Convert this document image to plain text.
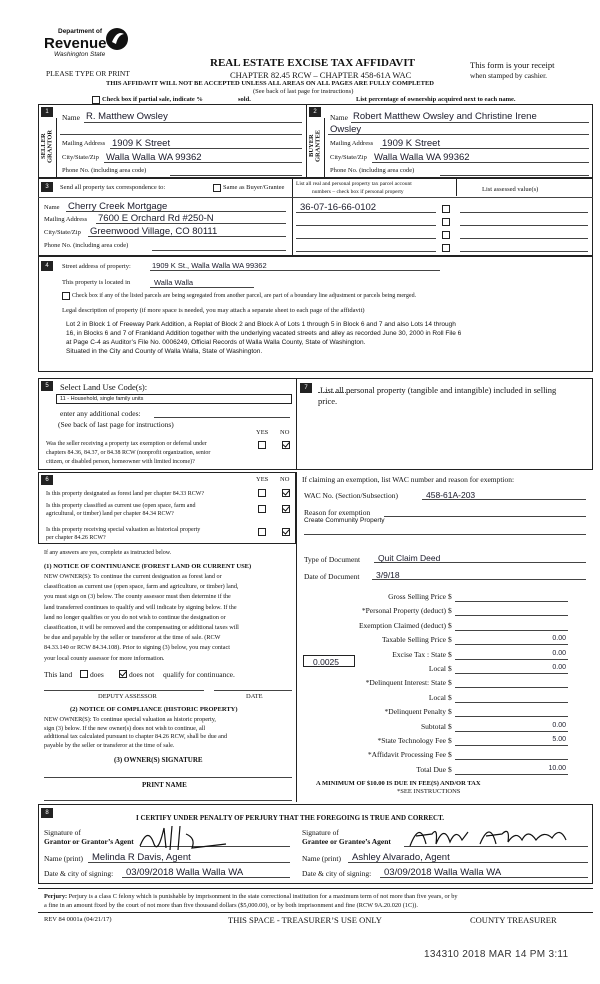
Department of
Revenue
Washington State
PLEASE TYPE OR PRINT
REAL ESTATE EXCISE TAX AFFIDAVIT
CHAPTER 82.45 RCW – CHAPTER 458-61A WAC
THIS AFFIDAVIT WILL NOT BE ACCEPTED UNLESS ALL AREAS ON ALL PAGES ARE FULLY COMPLETED
(See back of last page for instructions)
This form is your receipt
when stamped by cashier.
Check box if partial sale, indicate %	sold.	List percentage of ownership acquired next to each name.
1
SELLER GRANTOR
Name R. Matthew Owsley
Mailing Address 1909 K Street
City/State/Zip Walla Walla WA 99362
Phone No. (including area code)
2
BUYER GRANTEE
Name Robert Matthew Owsley and Christine Irene
Owsley
Mailing Address 1909 K Street
City/State/Zip Walla Walla WA 99362
Phone No. (including area code)
3	Send all property tax correspondence to:	Same as Buyer/Grantee
Name Cherry Creek Mortgage
Mailing Address 7600 E Orchard Rd #250-N
City/State/Zip Greenwood Village, CO 80111
Phone No. (including area code)
List all real and personal property tax parcel account
numbers – check box if personal property	List assessed value(s)
36-07-16-66-0102
4	Street address of property:	1909 K St., Walla Walla WA 99362
This property is located in	Walla Walla
Check box if any of the listed parcels are being segregated from another parcel, are part of a boundary line adjustment or parcels being merged.
Legal description of property (if more space is needed, you may attach a separate sheet to each page of the affidavit)
Lot 2 in Block 1 of Freeway Park Addition, a Replat of Block 2 and Block A of Lots 1 through 5 in Block 6 and 7 and also Lots 14 through
16, in Blocks 6 and 7 of Frankland Addition together with the underlying vacated streets and alley as recorded June 30, 2000 in Roll File 6
at Page C-4 as Auditor’s File No. 0006249, Official Records of Walla Walla County, State of Washington.
Situated in the City and County of Walla Walla, State of Washington.
5	Select Land Use Code(s):
11 - Household, single family units
enter any additional codes:
(See back of last page for instructions)
YES NO
Was the seller receiving a property tax exemption or deferral under
chapters 84.36, 84.37, or 84.38 RCW (nonprofit organization, senior
citizen, or disabled person, homeowner with limited income)?
7	List all personal property (tangible and intangible) included in selling
price.
6	YES NO
Is this property designated as forest land per chapter 84.33 RCW?
Is this property classified as current use (open space, farm and
agricultural, or timber) land per chapter 84.34 RCW?
Is this property receiving special valuation as historical property
per chapter 84.26 RCW?
If any answers are yes, complete as instructed below.
(1) NOTICE OF CONTINUANCE (FOREST LAND OR CURRENT USE)
NEW OWNER(S): To continue the current designation as forest land or
classification as current use (open space, farm and agriculture, or timber) land,
you must sign on (3) below. The county assessor must then determine if the
land transferred continues to qualify and will indicate by signing below. If the
land no longer qualifies or you do not wish to continue the designation or
classification, it will be removed and the compensating or additional taxes will
be due and payable by the seller or transferor at the time of sale. (RCW
84.33.140 or RCW 84.34.108). Prior to signing (3) below, you may contact
your local county assessor for more information.
This land does	does not qualify for continuance.
DEPUTY ASSESSOR	DATE
(2) NOTICE OF COMPLIANCE (HISTORIC PROPERTY)
NEW OWNER(S): To continue special valuation as historic property,
sign (3) below. If the new owner(s) does not wish to continue, all
additional tax calculated pursuant to chapter 84.26 RCW, shall be due and
payable by the seller or transferor at the time of sale.
(3) OWNER(S) SIGNATURE
PRINT NAME
If claiming an exemption, list WAC number and reason for exemption:
WAC No. (Section/Subsection)	458-61A-203
Reason for exemption
Create Community Property
Type of Document Quit Claim Deed
Date of Document 3/9/18
Gross Selling Price $
*Personal Property (deduct) $
Exemption Claimed (deduct) $
Taxable Selling Price $	0.00
Excise Tax : State $	0.00
Local $	0.00
*Delinquent Interest: State $
Local $
*Delinquent Penalty $
Subtotal $	0.00
*State Technology Fee $	5.00
*Affidavit Processing Fee $
Total Due $	10.00
0.0025
A MINIMUM OF $10.00 IS DUE IN FEE(S) AND/OR TAX
*SEE INSTRUCTIONS
8
I CERTIFY UNDER PENALTY OF PERJURY THAT THE FOREGOING IS TRUE AND CORRECT.
Signature of
Grantor or Grantor’s Agent
Name (print) Melinda R Davis, Agent
Date & city of signing: 03/09/2018 Walla Walla WA
Signature of
Grantee or Grantee’s Agent
Name (print) Ashley Alvarado, Agent
Date & city of signing: 03/09/2018 Walla Walla WA
Perjury: Perjury is a class C felony which is punishable by imprisonment in the state correctional institution for a maximum term of not more than five years, or by
a fine in an amount fixed by the court of not more than five thousand dollars ($5,000.00), or by both imprisonment and fine (RCW 9A.20.020 (1C)).
REV 84 0001a (04/21/17)	THIS SPACE - TREASURER’S USE ONLY	COUNTY TREASURER
134310 2018 MAR 14 PM 3:11
